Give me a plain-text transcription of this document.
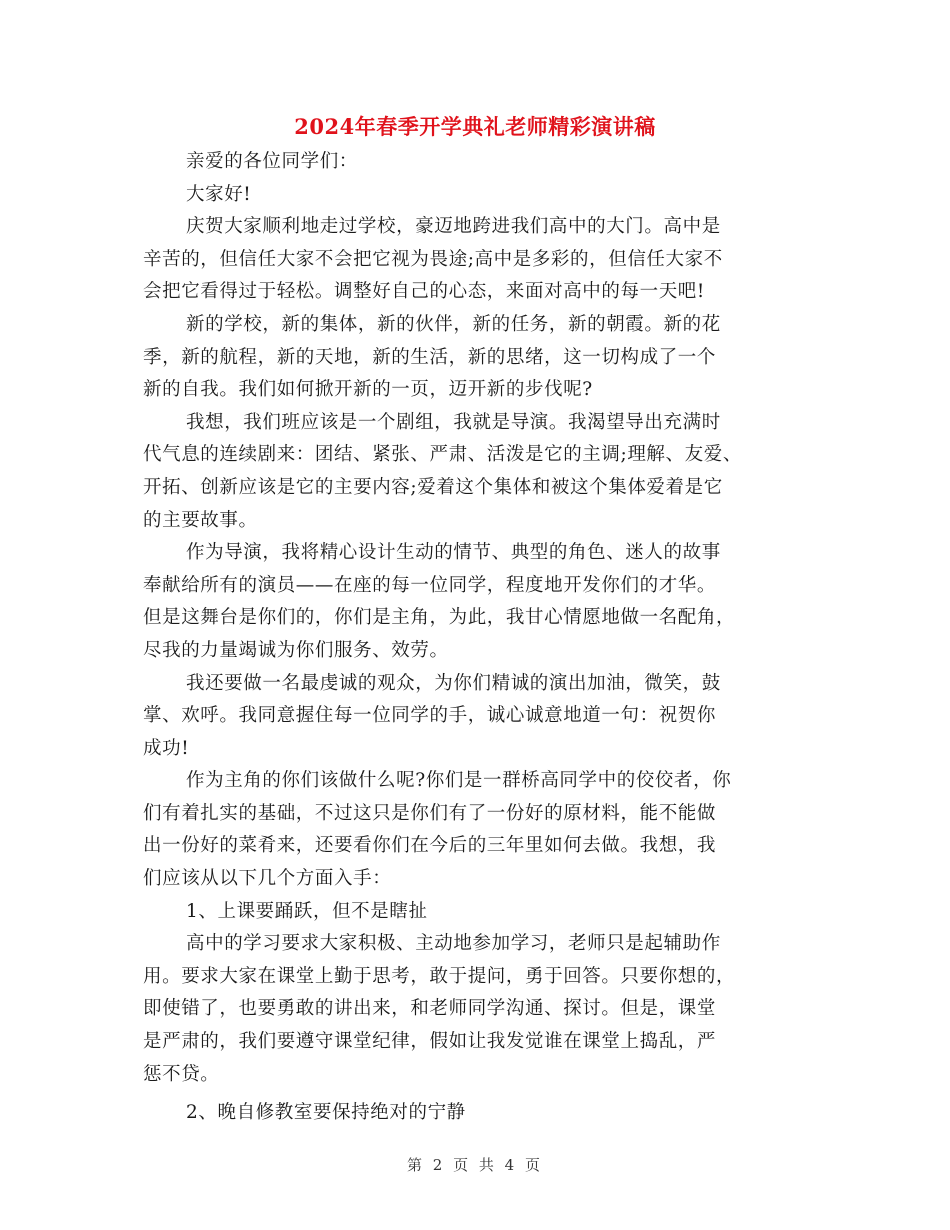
2024年春季开学典礼老师精彩演讲稿
亲爱的各位同学们：
大家好!
庆贺大家顺利地走过学校，豪迈地跨进我们高中的大门。高中是
辛苦的，但信任大家不会把它视为畏途;高中是多彩的，但信任大家不
会把它看得过于轻松。调整好自己的心态，来面对高中的每一天吧!
新的学校，新的集体，新的伙伴，新的任务，新的朝霞。新的花
季，新的航程，新的天地，新的生活，新的思绪，这一切构成了一个
新的自我。我们如何掀开新的一页，迈开新的步伐呢?
我想，我们班应该是一个剧组，我就是导演。我渴望导出充满时
代气息的连续剧来：团结、紧张、严肃、活泼是它的主调;理解、友爱、
开拓、创新应该是它的主要内容;爱着这个集体和被这个集体爱着是它
的主要故事。
作为导演，我将精心设计生动的情节、典型的角色、迷人的故事
奉献给所有的演员——在座的每一位同学，程度地开发你们的才华。
但是这舞台是你们的，你们是主角，为此，我甘心情愿地做一名配角，
尽我的力量竭诚为你们服务、效劳。
我还要做一名最虔诚的观众，为你们精诚的演出加油，微笑，鼓
掌、欢呼。我同意握住每一位同学的手，诚心诚意地道一句：祝贺你
成功!
作为主角的你们该做什么呢?你们是一群桥高同学中的佼佼者，你
们有着扎实的基础，不过这只是你们有了一份好的原材料，能不能做
出一份好的菜肴来，还要看你们在今后的三年里如何去做。我想，我
们应该从以下几个方面入手：
1、上课要踊跃，但不是瞎扯
高中的学习要求大家积极、主动地参加学习，老师只是起辅助作
用。要求大家在课堂上勤于思考，敢于提问，勇于回答。只要你想的，
即使错了，也要勇敢的讲出来，和老师同学沟通、探讨。但是，课堂
是严肃的，我们要遵守课堂纪律，假如让我发觉谁在课堂上捣乱，严
惩不贷。
2、晚自修教室要保持绝对的宁静
第 2 页 共 4 页
